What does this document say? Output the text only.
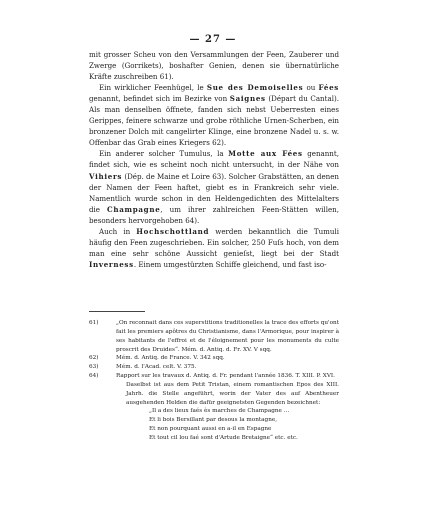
— 27 —

mit grosser Scheu von den Versammlungen der Feen, Zauberer und Zwerge (Gorrikets), boshafter Genien, denen sie übernatürliche Kräfte zuschreiben 61).

Ein wirklicher Feenhügel, le Sue des Demoiselles ou Fées genannt, befindet sich im Bezirke von Saignes (Départ du Cantal). Als man denselben öffnete, fanden sich nebst Ueberresten eines Gerippes, feinere schwarze und grobe röthliche Urnen-Scherben, ein bronzener Dolch mit cangelirter Klinge, eine bronzene Nadel u. s. w. Offenbar das Grab eines Kriegers 62).

Ein anderer solcher Tumulus, la Motte aux Fées genannt, findet sich, wie es scheint noch nicht untersucht, in der Nähe von Vihiers (Dép. de Maine et Loire 63). Solcher Grabstätten, an denen der Namen der Feen haftet, giebt es in Frankreich sehr viele. Namentlich wurde schon in den Heldengedichten des Mittelalters die Champagne, um ihrer zahlreichen Feen-Stätten willen, besonders hervorgehoben 64).

Auch in Hochschottland werden bekanntlich die Tumuli häufig den Feen zugeschrieben. Ein solcher, 250 Fuſs hoch, von dem man eine sehr schöne Aussicht genieſst, liegt bei der Stadt Inverness. Einem umgestürzten Schiffe gleichend, und fast iso-

61)	„On reconnait dans ces superstitions traditionelles la trace des efforts qu'ont fait les premiers apôtres du Christianisme, dans l'Armorique, pour inspirer à ses habitants de l'effroi et de l'éloignement pour les monuments du culte proscrit des Druides“. Mém. d. Antiq. d. Fr. XV. V sqq.
62)	Mém. d. Antiq. de France. V. 342 sqq.
63)	Mém. d. l'Acad. celt. V. 375.
64)	Rapport sur les travaux d. Antiq. d. Fr. pendant l'année 1836. T. XIII. P. XVI.
Daselbst ist aus dem Petit Tristan, einem romantischen Epos des XIII. Jahrh. die Stelle angeführt, worin der Vater des auf Abentheuer ausgehenden Helden die dafür geeignetsten Gegenden bezeichnet:
„Il a des lieux faés ès marches de Champagne …
Et li bois Bersillant par desous la montagne,
Et non pourquant aussi en a-il en Espagne
Et tout cil lou faé sont d'Artude Bretaigne“ etc. etc.
